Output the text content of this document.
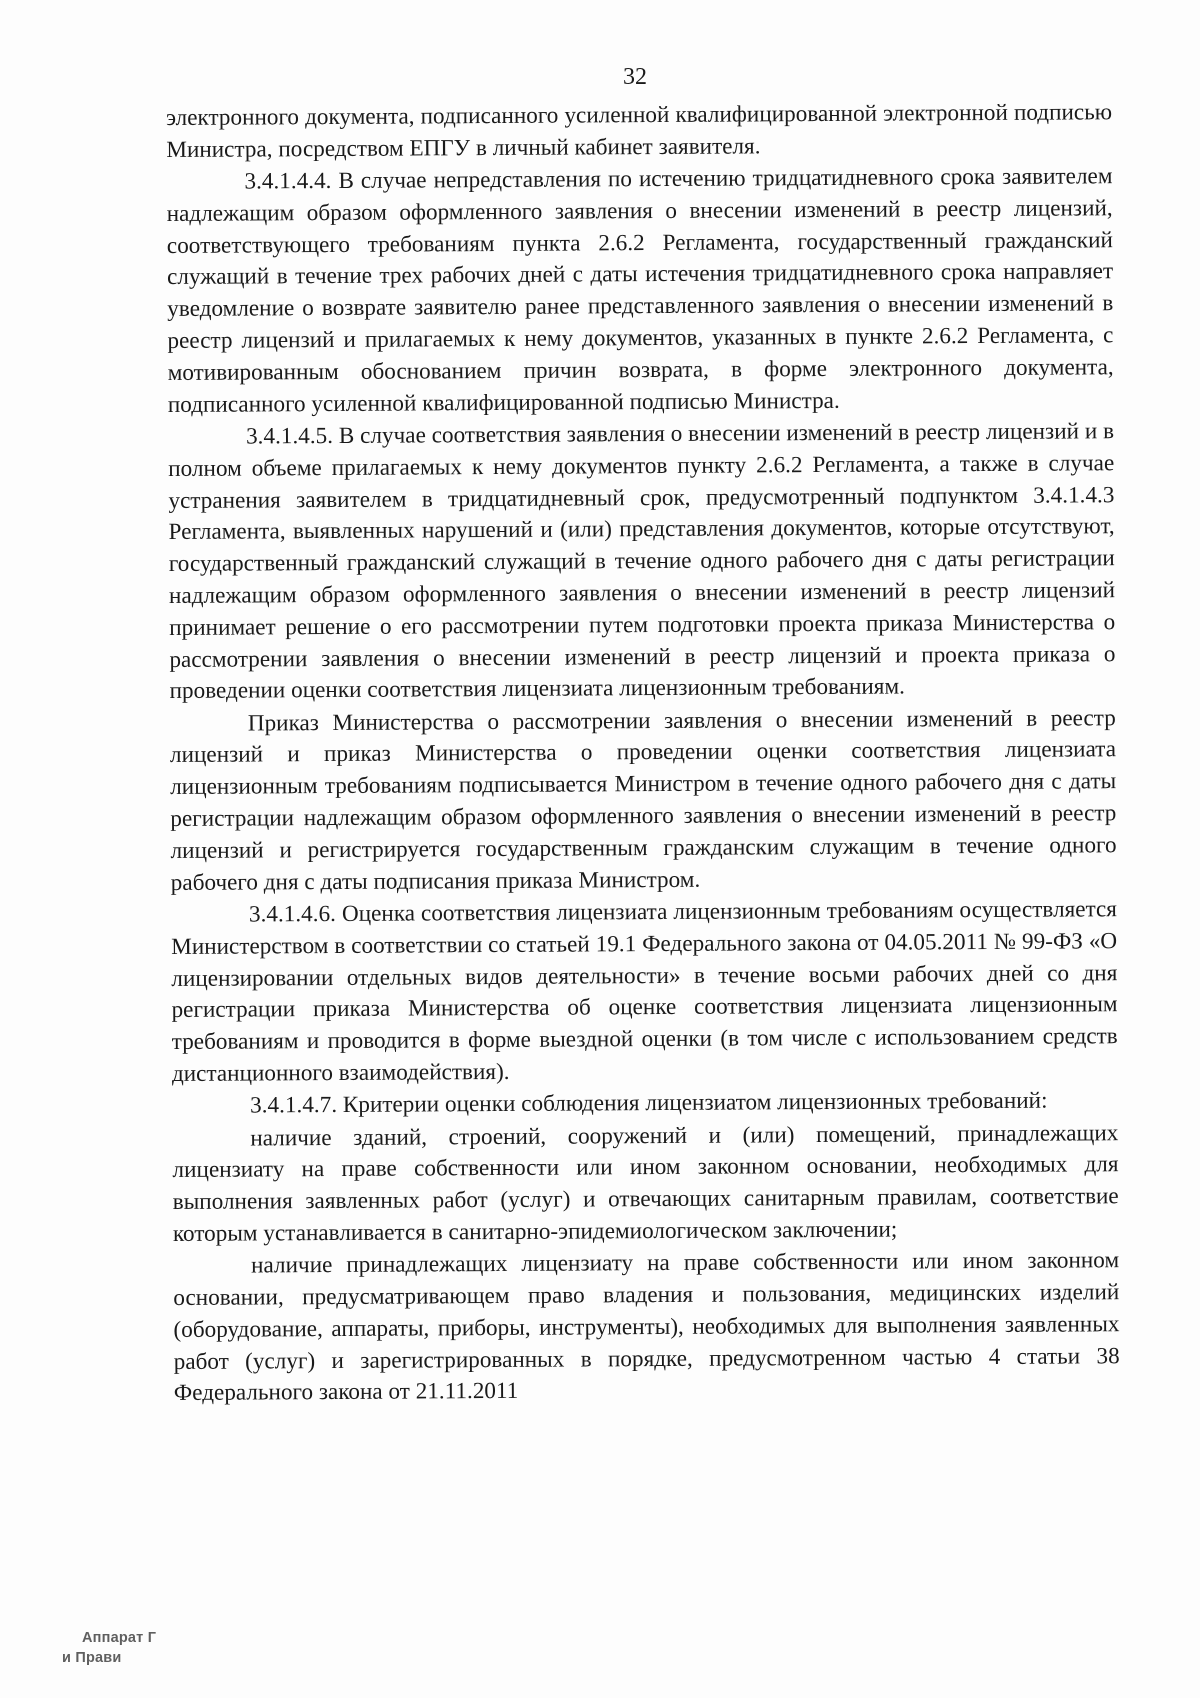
32

электронного документа, подписанного усиленной квалифицированной электронной подписью Министра, посредством ЕПГУ в личный кабинет заявителя.

3.4.1.4.4. В случае непредставления по истечению тридцатидневного срока заявителем надлежащим образом оформленного заявления о внесении изменений в реестр лицензий, соответствующего требованиям пункта 2.6.2 Регламента, государственный гражданский служащий в течение трех рабочих дней с даты истечения тридцатидневного срока направляет уведомление о возврате заявителю ранее представленного заявления о внесении изменений в реестр лицензий и прилагаемых к нему документов, указанных в пункте 2.6.2 Регламента, с мотивированным обоснованием причин возврата, в форме электронного документа, подписанного усиленной квалифицированной подписью Министра.

3.4.1.4.5. В случае соответствия заявления о внесении изменений в реестр лицензий и в полном объеме прилагаемых к нему документов пункту 2.6.2 Регламента, а также в случае устранения заявителем в тридцатидневный срок, предусмотренный подпунктом 3.4.1.4.3 Регламента, выявленных нарушений и (или) представления документов, которые отсутствуют, государственный гражданский служащий в течение одного рабочего дня с даты регистрации надлежащим образом оформленного заявления о внесении изменений в реестр лицензий принимает решение о его рассмотрении путем подготовки проекта приказа Министерства о рассмотрении заявления о внесении изменений в реестр лицензий и проекта приказа о проведении оценки соответствия лицензиата лицензионным требованиям.

Приказ Министерства о рассмотрении заявления о внесении изменений в реестр лицензий и приказ Министерства о проведении оценки соответствия лицензиата лицензионным требованиям подписывается Министром в течение одного рабочего дня с даты регистрации надлежащим образом оформленного заявления о внесении изменений в реестр лицензий и регистрируется государственным гражданским служащим в течение одного рабочего дня с даты подписания приказа Министром.

3.4.1.4.6. Оценка соответствия лицензиата лицензионным требованиям осуществляется Министерством в соответствии со статьей 19.1 Федерального закона от 04.05.2011 № 99-ФЗ «О лицензировании отдельных видов деятельности» в течение восьми рабочих дней со дня регистрации приказа Министерства об оценке соответствия лицензиата лицензионным требованиям и проводится в форме выездной оценки (в том числе с использованием средств дистанционного взаимодействия).

3.4.1.4.7. Критерии оценки соблюдения лицензиатом лицензионных требований:

наличие зданий, строений, сооружений и (или) помещений, принадлежащих лицензиату на праве собственности или ином законном основании, необходимых для выполнения заявленных работ (услуг) и отвечающих санитарным правилам, соответствие которым устанавливается в санитарно-эпидемиологическом заключении;

наличие принадлежащих лицензиату на праве собственности или ином законном основании, предусматривающем право владения и пользования, медицинских изделий (оборудование, аппараты, приборы, инструменты), необходимых для выполнения заявленных работ (услуг) и зарегистрированных в порядке, предусмотренном частью 4 статьи 38 Федерального закона от 21.11.2011

Аппарат Г
и Прави
